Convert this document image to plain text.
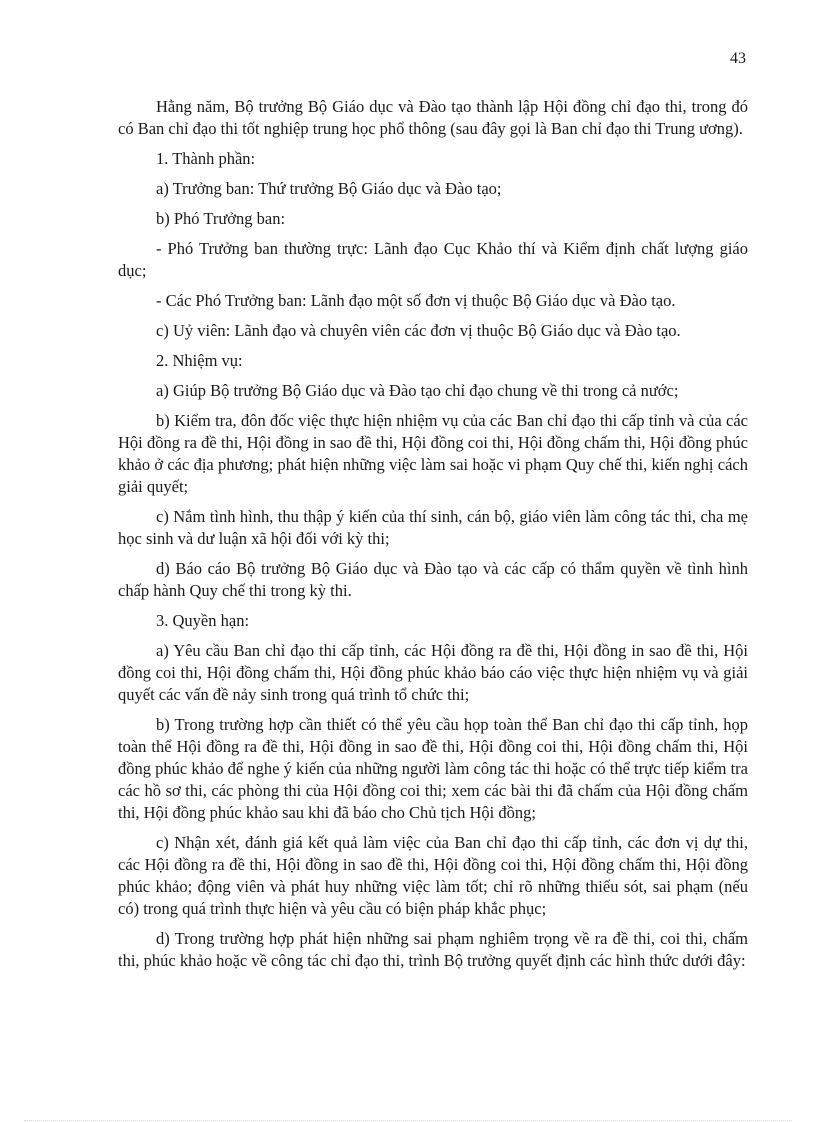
43

Hằng năm, Bộ trưởng Bộ Giáo dục và Đào tạo thành lập Hội đồng chỉ đạo thi, trong đó có Ban chỉ đạo thi tốt nghiệp trung học phổ thông (sau đây gọi là Ban chỉ đạo thi Trung ương).

1. Thành phần:

a) Trưởng ban: Thứ trưởng Bộ Giáo dục và Đào tạo;

b) Phó Trưởng ban:

- Phó Trưởng ban thường trực: Lãnh đạo Cục Khảo thí và Kiểm định chất lượng giáo dục;

- Các Phó Trưởng ban: Lãnh đạo một số đơn vị thuộc Bộ Giáo dục và Đào tạo.

c) Uỷ viên: Lãnh đạo và chuyên viên các đơn vị thuộc Bộ Giáo dục và Đào tạo.

2. Nhiệm vụ:

a) Giúp Bộ trưởng Bộ Giáo dục và Đào tạo chỉ đạo chung về thi trong cả nước;

b) Kiểm tra, đôn đốc việc thực hiện nhiệm vụ của các Ban chỉ đạo thi cấp tỉnh và của các Hội đồng ra đề thi, Hội đồng in sao đề thi, Hội đồng coi thi, Hội đồng chấm thi, Hội đồng phúc khảo ở các địa phương; phát hiện những việc làm sai hoặc vi phạm Quy chế thi, kiến nghị cách giải quyết;

c) Nắm tình hình, thu thập ý kiến của thí sinh, cán bộ, giáo viên làm công tác thi, cha mẹ học sinh và dư luận xã hội đối với kỳ thi;

d) Báo cáo Bộ trưởng Bộ Giáo dục và Đào tạo và các cấp có thẩm quyền về tình hình chấp hành Quy chế thi trong kỳ thi.

3. Quyền hạn:

a) Yêu cầu Ban chỉ đạo thi cấp tỉnh, các Hội đồng ra đề thi, Hội đồng in sao đề thi, Hội đồng coi thi, Hội đồng chấm thi, Hội đồng phúc khảo báo cáo việc thực hiện nhiệm vụ và giải quyết các vấn đề nảy sinh trong quá trình tổ chức thi;

b) Trong trường hợp cần thiết có thể yêu cầu họp toàn thể Ban chỉ đạo thi cấp tỉnh, họp toàn thể Hội đồng ra đề thi, Hội đồng in sao đề thi, Hội đồng coi thi, Hội đồng chấm thi, Hội đồng phúc khảo để nghe ý kiến của những người làm công tác thi hoặc có thể trực tiếp kiểm tra các hồ sơ thi, các phòng thi của Hội đồng coi thi; xem các bài thi đã chấm của Hội đồng chấm thi, Hội đồng phúc khảo sau khi đã báo cho Chủ tịch Hội đồng;

c) Nhận xét, đánh giá kết quả làm việc của Ban chỉ đạo thi cấp tỉnh, các đơn vị dự thi, các Hội đồng ra đề thi, Hội đồng in sao đề thi, Hội đồng coi thi, Hội đồng chấm thi, Hội đồng phúc khảo; động viên và phát huy những việc làm tốt; chỉ rõ những thiếu sót, sai phạm (nếu có) trong quá trình thực hiện và yêu cầu có biện pháp khắc phục;

d) Trong trường hợp phát hiện những sai phạm nghiêm trọng về ra đề thi, coi thi, chấm thi, phúc khảo hoặc về công tác chỉ đạo thi, trình Bộ trưởng quyết định các hình thức dưới đây:
